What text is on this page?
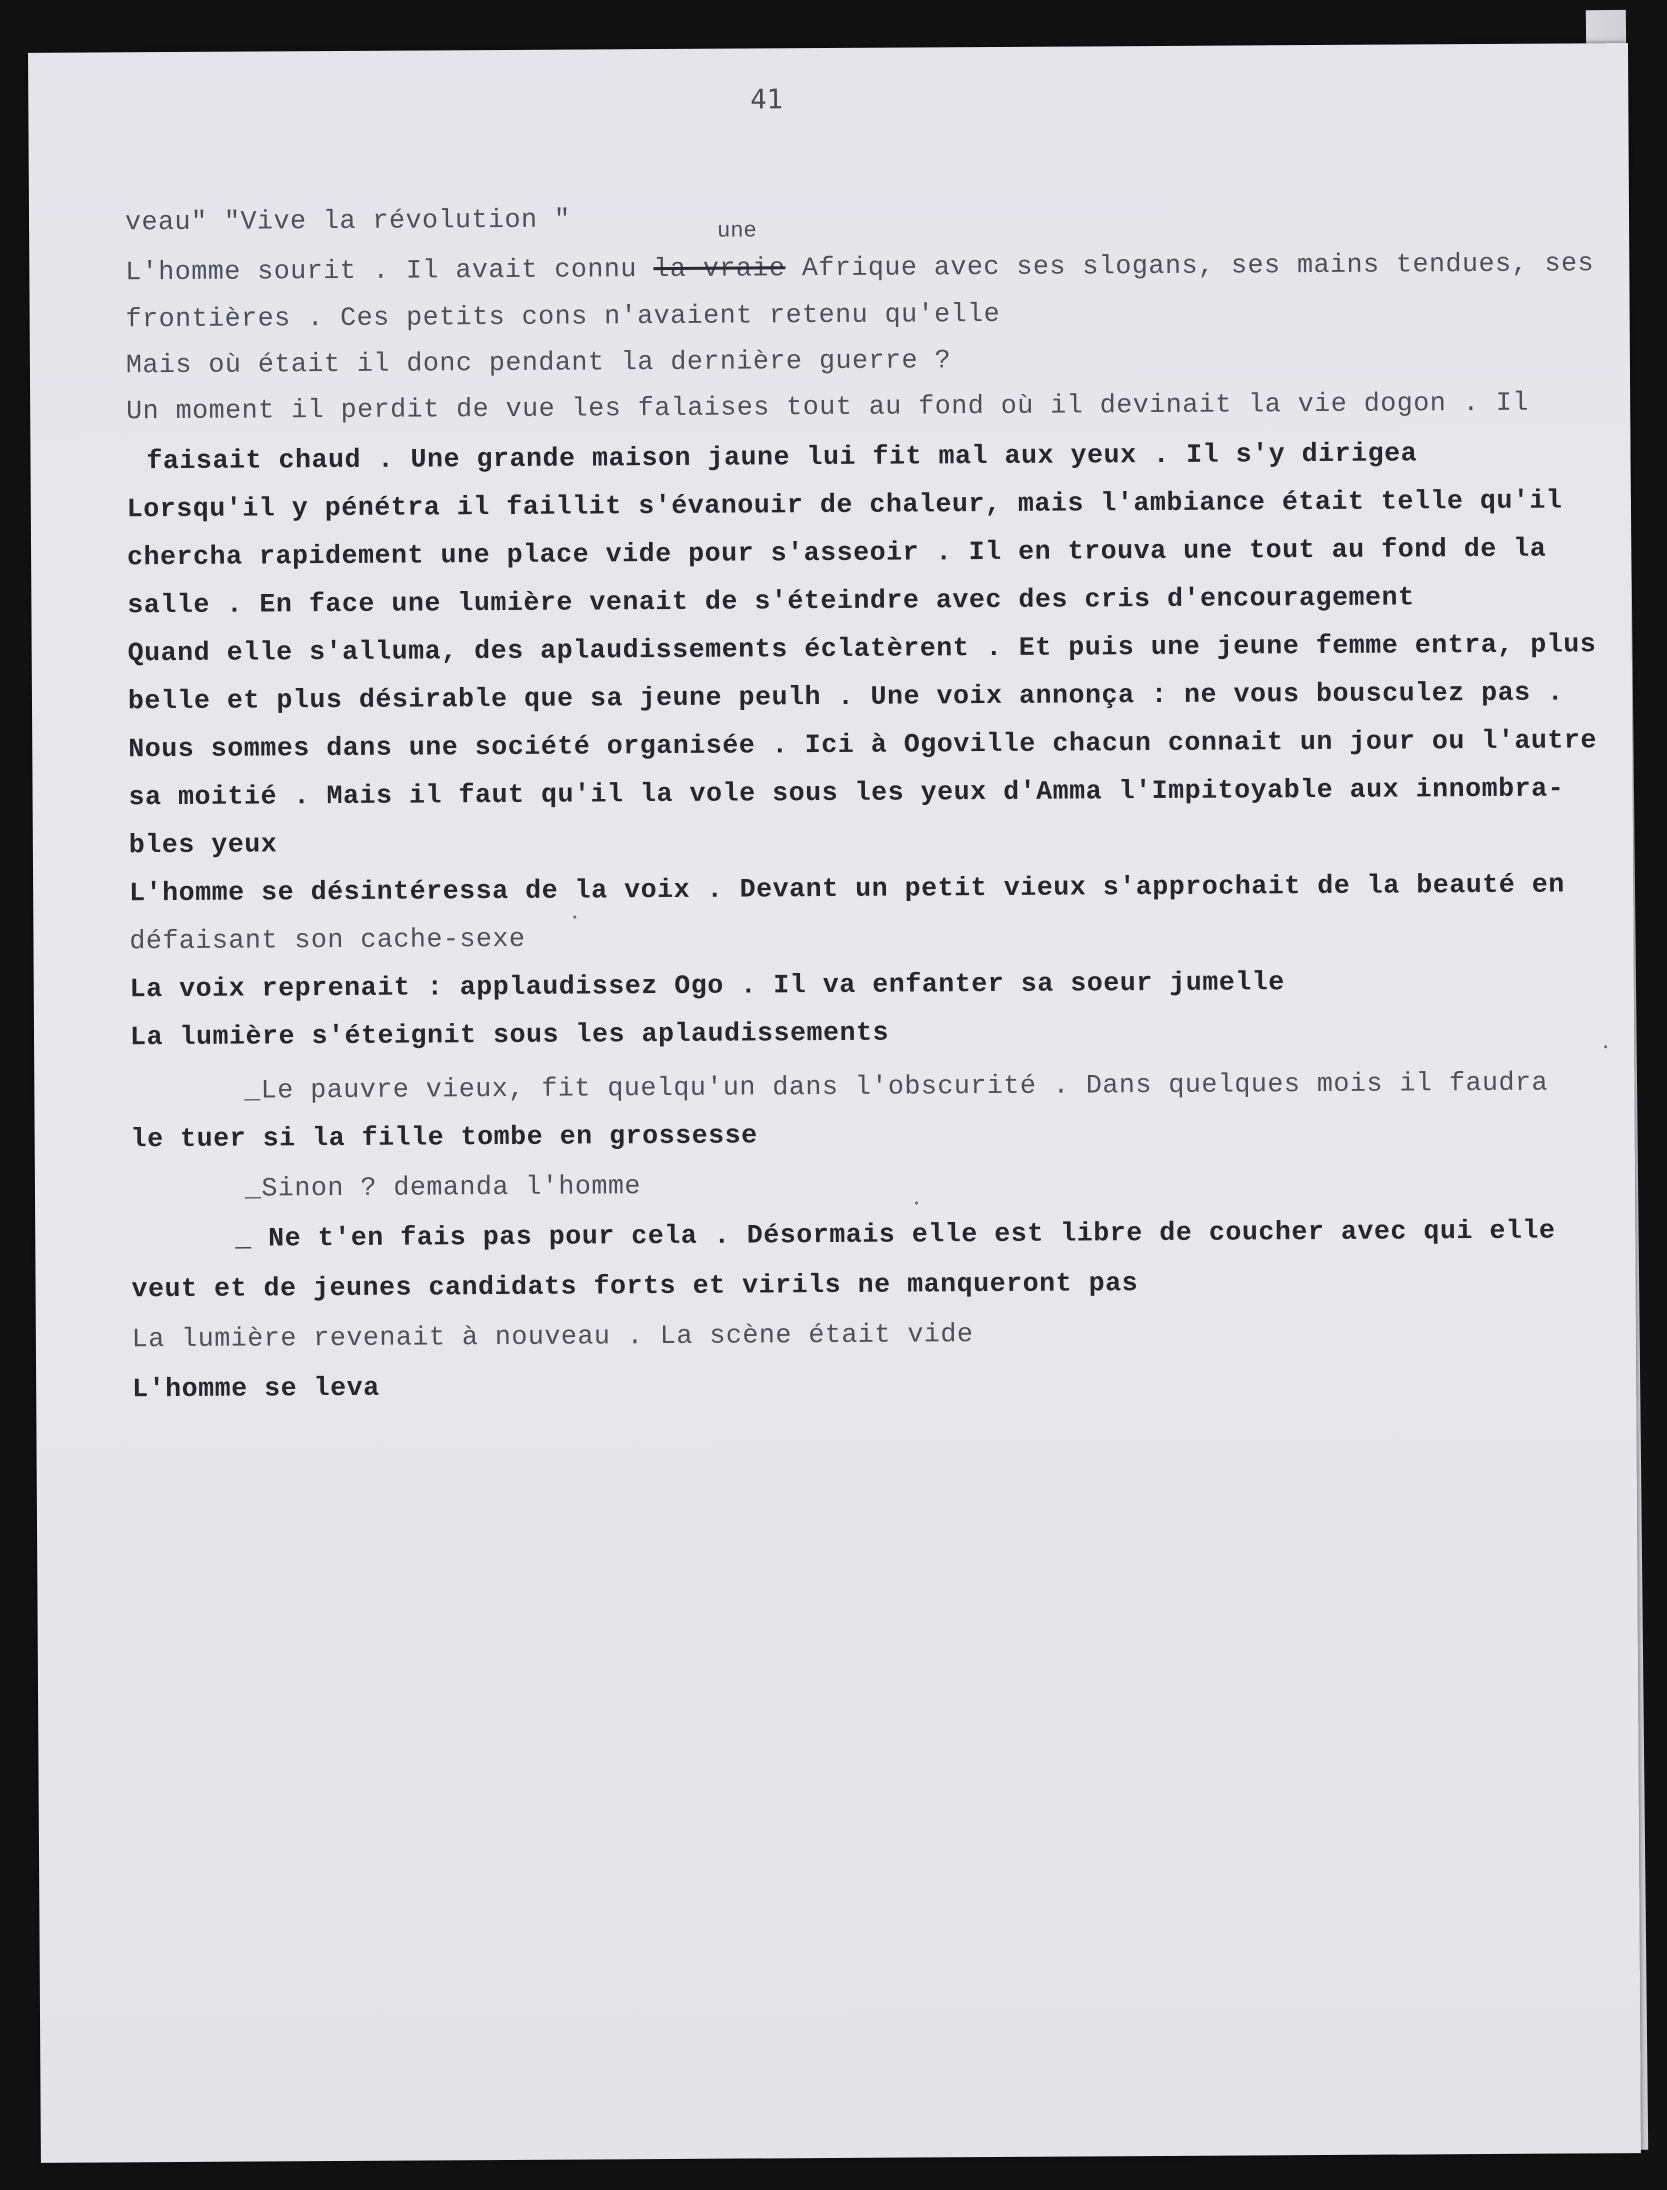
41
une
veau" "Vive la révolution "
L'homme sourit . Il avait connu la vraie Afrique avec ses slogans, ses mains tendues, ses
frontières . Ces petits cons n'avaient retenu qu'elle
Mais où était il donc pendant la dernière guerre ?
Un moment il perdit de vue les falaises tout au fond où il devinait la vie dogon . Il
faisait chaud . Une grande maison jaune lui fit mal aux yeux . Il s'y dirigea
Lorsqu'il y pénétra il faillit s'évanouir de chaleur, mais l'ambiance était telle qu'il
chercha rapidement une place vide pour s'asseoir . Il en trouva une tout au fond de la
salle . En face une lumière venait de s'éteindre avec des cris d'encouragement
Quand elle s'alluma, des aplaudissements éclatèrent . Et puis une jeune femme entra, plus
belle et plus désirable que sa jeune peulh . Une voix annonça : ne vous bousculez pas .
Nous sommes dans une société organisée . Ici à Ogoville chacun connait un jour ou l'autre
sa moitié . Mais il faut qu'il la vole sous les yeux d'Amma l'Impitoyable aux innombra-
bles yeux
L'homme se désintéressa de la voix . Devant un petit vieux s'approchait de la beauté en
défaisant son cache-sexe
La voix reprenait : applaudissez Ogo . Il va enfanter sa soeur jumelle
La lumière s'éteignit sous les aplaudissements
_Le pauvre vieux, fit quelqu'un dans l'obscurité . Dans quelques mois il faudra
le tuer si la fille tombe en grossesse
_Sinon ? demanda l'homme
_ Ne t'en fais pas pour cela . Désormais elle est libre de coucher avec qui elle
veut et de jeunes candidats forts et virils ne manqueront pas
La lumière revenait à nouveau . La scène était vide
L'homme se leva
